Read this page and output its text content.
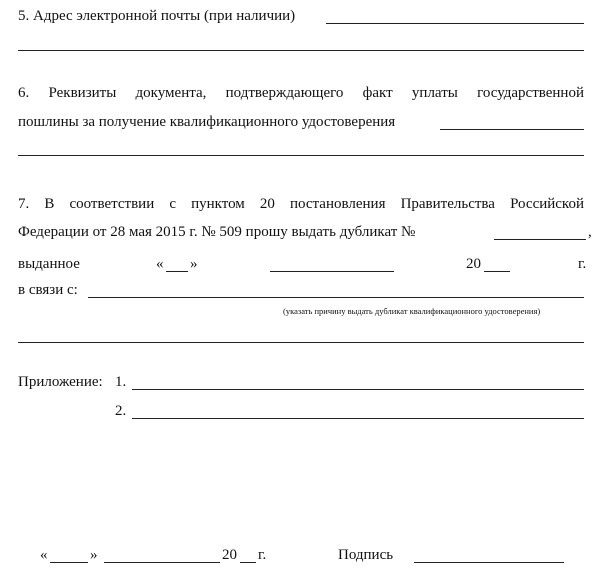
5. Адрес электронной почты (при наличии)
6. Реквизиты документа, подтверждающего факт уплаты государственной
пошлины за получение квалификационного удостоверения
7. В соответствии с пунктом 20 постановления Правительства Российской
Федерации от 28 мая 2015 г. № 509 прошу выдать дубликат №	,
выданное	« »	20	г.
в связи с:
(указать причину выдать дубликат квалификационного удостоверения)
Приложение: 1.
2.
«	»	20 г.	Подпись
